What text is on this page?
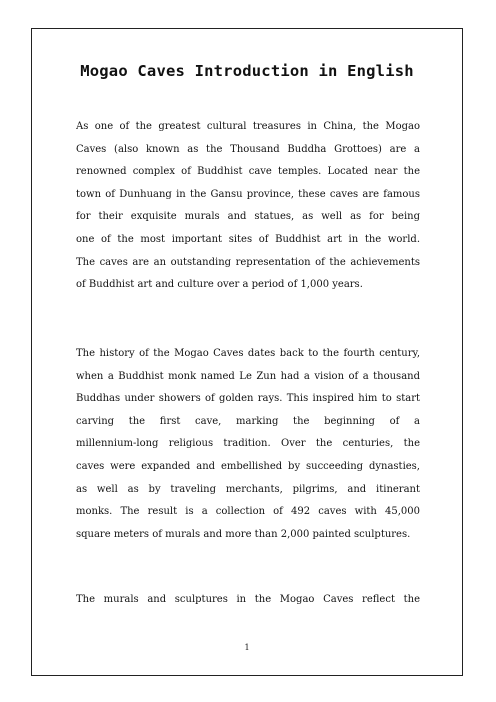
Mogao Caves Introduction in English

As one of the greatest cultural treasures in China, the Mogao
Caves (also known as the Thousand Buddha Grottoes) are a
renowned complex of Buddhist cave temples. Located near the
town of Dunhuang in the Gansu province, these caves are famous
for their exquisite murals and statues, as well as for being
one of the most important sites of Buddhist art in the world.
The caves are an outstanding representation of the achievements
of Buddhist art and culture over a period of 1,000 years.

The history of the Mogao Caves dates back to the fourth century,
when a Buddhist monk named Le Zun had a vision of a thousand
Buddhas under showers of golden rays. This inspired him to start
carving the first cave, marking the beginning of a
millennium-long religious tradition. Over the centuries, the
caves were expanded and embellished by succeeding dynasties,
as well as by traveling merchants, pilgrims, and itinerant
monks. The result is a collection of 492 caves with 45,000
square meters of murals and more than 2,000 painted sculptures.

The murals and sculptures in the Mogao Caves reflect the

1
